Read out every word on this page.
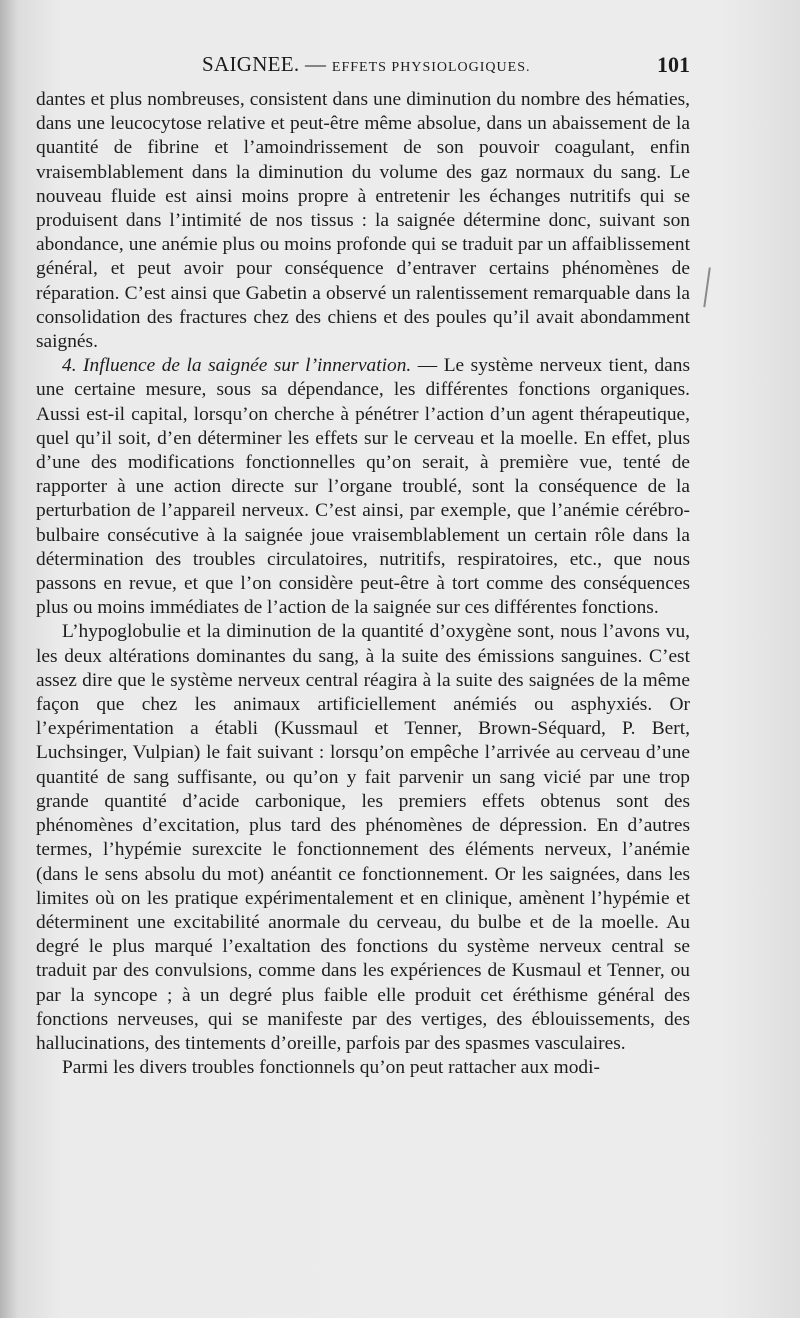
SAIGNEE. — EFFETS PHYSIOLOGIQUES.	101

dantes et plus nombreuses, consistent dans une diminution du nombre des hématies, dans une leucocytose relative et peut-être même absolue, dans un abaissement de la quantité de fibrine et l’amoindrissement de son pouvoir coagulant, enfin vraisemblablement dans la diminution du volume des gaz normaux du sang. Le nouveau fluide est ainsi moins propre à entretenir les échanges nutritifs qui se produisent dans l’intimité de nos tissus : la saignée détermine donc, suivant son abondance, une anémie plus ou moins profonde qui se traduit par un affaiblissement général, et peut avoir pour conséquence d’entraver certains phénomènes de réparation. C’est ainsi que Gabetin a observé un ralentissement remarquable dans la consolidation des fractures chez des chiens et des poules qu’il avait abondamment saignés.

4. Influence de la saignée sur l’innervation. — Le système nerveux tient, dans une certaine mesure, sous sa dépendance, les différentes fonctions organiques. Aussi est-il capital, lorsqu’on cherche à pénétrer l’action d’un agent thérapeutique, quel qu’il soit, d’en déterminer les effets sur le cerveau et la moelle. En effet, plus d’une des modifications fonctionnelles qu’on serait, à première vue, tenté de rapporter à une action directe sur l’organe troublé, sont la conséquence de la perturbation de l’appareil nerveux. C’est ainsi, par exemple, que l’anémie cérébro-bulbaire consécutive à la saignée joue vraisemblablement un certain rôle dans la détermination des troubles circulatoires, nutritifs, respiratoires, etc., que nous passons en revue, et que l’on considère peut-être à tort comme des conséquences plus ou moins immédiates de l’action de la saignée sur ces différentes fonctions.

L’hypoglobulie et la diminution de la quantité d’oxygène sont, nous l’avons vu, les deux altérations dominantes du sang, à la suite des émissions sanguines. C’est assez dire que le système nerveux central réagira à la suite des saignées de la même façon que chez les animaux artificiellement anémiés ou asphyxiés. Or l’expérimentation a établi (Kussmaul et Tenner, Brown-Séquard, P. Bert, Luchsinger, Vulpian) le fait suivant : lorsqu’on empêche l’arrivée au cerveau d’une quantité de sang suffisante, ou qu’on y fait parvenir un sang vicié par une trop grande quantité d’acide carbonique, les premiers effets obtenus sont des phénomènes d’excitation, plus tard des phénomènes de dépression. En d’autres termes, l’hypémie surexcite le fonctionnement des éléments nerveux, l’anémie (dans le sens absolu du mot) anéantit ce fonctionnement. Or les saignées, dans les limites où on les pratique expérimentalement et en clinique, amènent l’hypémie et déterminent une excitabilité anormale du cerveau, du bulbe et de la moelle. Au degré le plus marqué l’exaltation des fonctions du système nerveux central se traduit par des convulsions, comme dans les expériences de Kusmaul et Tenner, ou par la syncope ; à un degré plus faible elle produit cet éréthisme général des fonctions nerveuses, qui se manifeste par des vertiges, des éblouissements, des hallucinations, des tintements d’oreille, parfois par des spasmes vasculaires.

Parmi les divers troubles fonctionnels qu’on peut rattacher aux modi-
